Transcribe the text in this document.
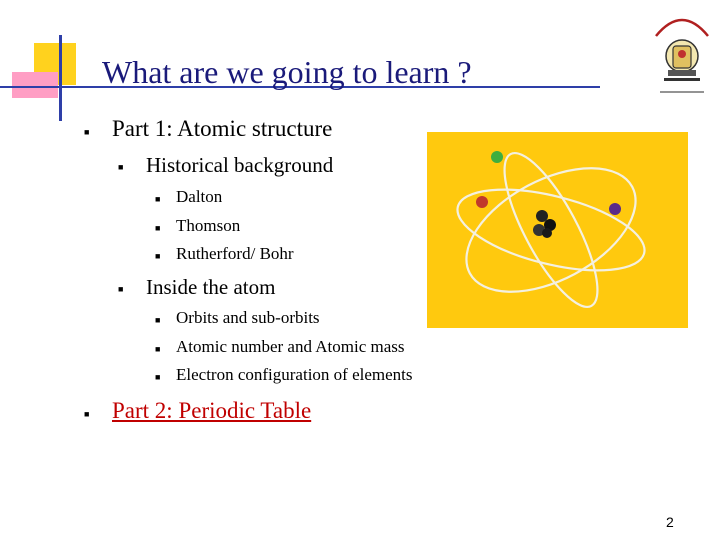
What are we going to learn ?
■ Part 1: Atomic structure
■ Historical background
■ Dalton
■ Thomson
■ Rutherford/ Bohr
■ Inside the atom
■ Orbits and sub-orbits
■ Atomic number and Atomic mass
■ Electron configuration of elements
■ Part 2: Periodic Table
2
